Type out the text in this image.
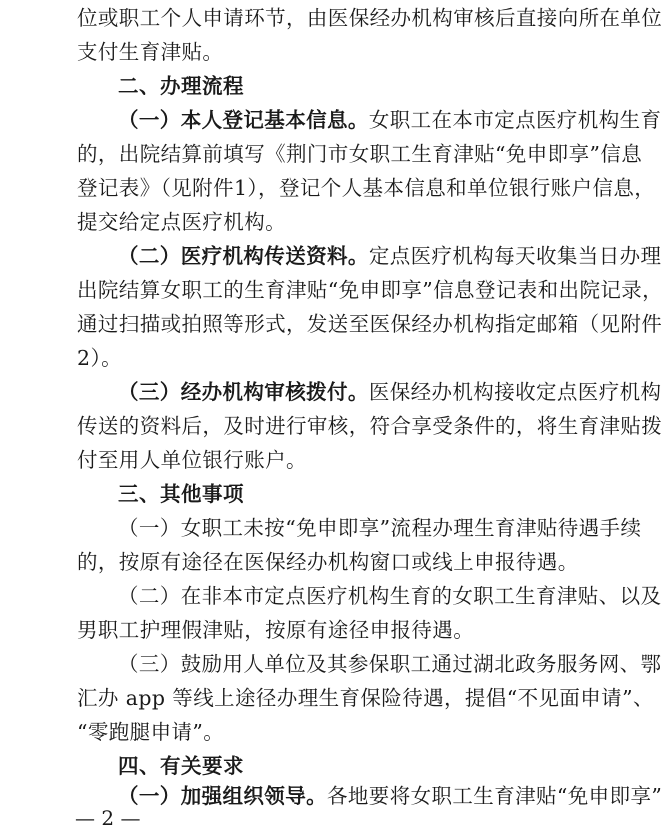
位或职工个人申请环节，由医保经办机构审核后直接向所在单位
支付生育津贴。
二、办理流程
（一）本人登记基本信息。女职工在本市定点医疗机构生育
的，出院结算前填写《荆门市女职工生育津贴“免申即享”信息
登记表》（见附件1），登记个人基本信息和单位银行账户信息，
提交给定点医疗机构。
（二）医疗机构传送资料。定点医疗机构每天收集当日办理
出院结算女职工的生育津贴“免申即享”信息登记表和出院记录，
通过扫描或拍照等形式，发送至医保经办机构指定邮箱（见附件
2）。
（三）经办机构审核拨付。医保经办机构接收定点医疗机构
传送的资料后，及时进行审核，符合享受条件的，将生育津贴拨
付至用人单位银行账户。
三、其他事项
（一）女职工未按“免申即享”流程办理生育津贴待遇手续
的，按原有途径在医保经办机构窗口或线上申报待遇。
（二）在非本市定点医疗机构生育的女职工生育津贴、以及
男职工护理假津贴，按原有途径申报待遇。
（三）鼓励用人单位及其参保职工通过湖北政务服务网、鄂
汇办 app 等线上途径办理生育保险待遇，提倡“不见面申请”、
“零跑腿申请”。
四、有关要求
（一）加强组织领导。各地要将女职工生育津贴“免申即享”
— 2 —
